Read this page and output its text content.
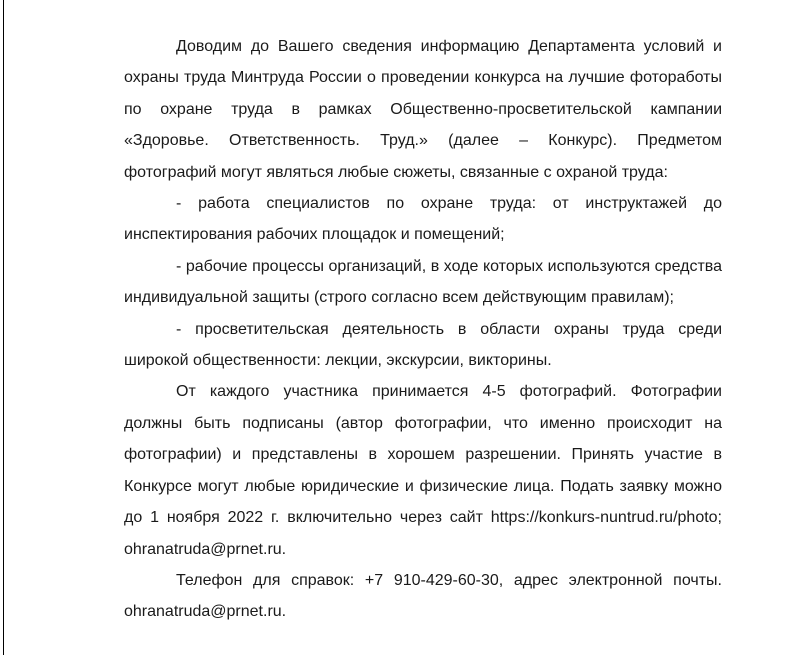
Доводим до Вашего сведения информацию Департамента условий и охраны труда Минтруда России о проведении конкурса на лучшие фотоработы по охране труда в рамках Общественно-просветительской кампании «Здоровье. Ответственность. Труд.» (далее – Конкурс). Предметом фотографий могут являться любые сюжеты, связанные с охраной труда:

- работа специалистов по охране труда: от инструктажей до инспектирования рабочих площадок и помещений;

- рабочие процессы организаций, в ходе которых используются средства индивидуальной защиты (строго согласно всем действующим правилам);

- просветительская деятельность в области охраны труда среди широкой общественности: лекции, экскурсии, викторины.

От каждого участника принимается 4-5 фотографий. Фотографии должны быть подписаны (автор фотографии, что именно происходит на фотографии) и представлены в хорошем разрешении. Принять участие в Конкурсе могут любые юридические и физические лица. Подать заявку можно до 1 ноября 2022 г. включительно через сайт https://konkurs-nuntrud.ru/photo; ohranatruda@prnet.ru.

Телефон для справок: +7 910-429-60-30, адрес электронной почты. ohranatruda@prnet.ru.
